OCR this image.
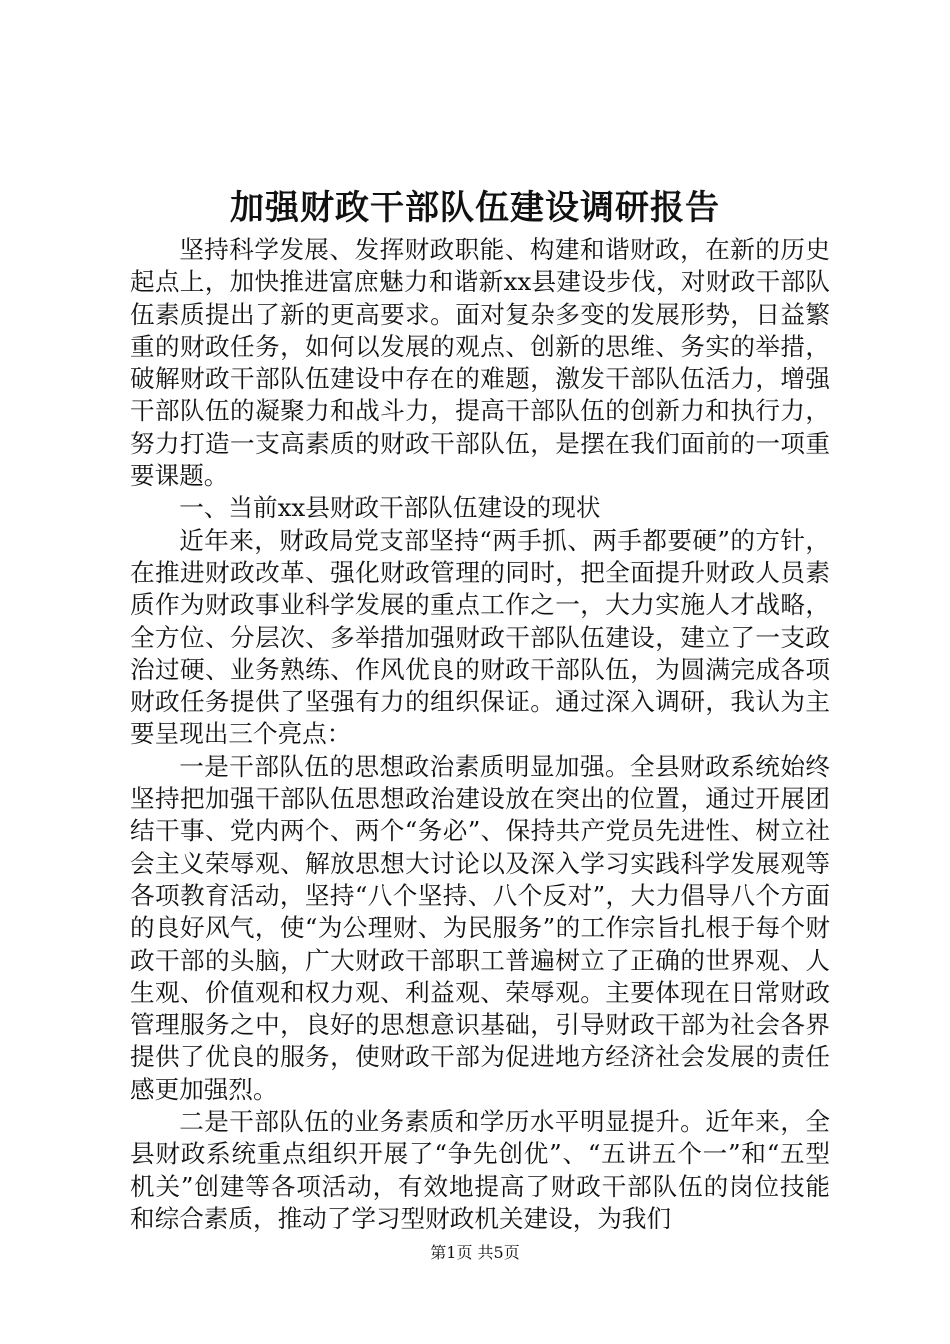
加强财政干部队伍建设调研报告

坚持科学发展、发挥财政职能、构建和谐财政，在新的历史起点上，加快推进富庶魅力和谐新xx县建设步伐，对财政干部队伍素质提出了新的更高要求。面对复杂多变的发展形势，日益繁重的财政任务，如何以发展的观点、创新的思维、务实的举措，破解财政干部队伍建设中存在的难题，激发干部队伍活力，增强干部队伍的凝聚力和战斗力，提高干部队伍的创新力和执行力，努力打造一支高素质的财政干部队伍，是摆在我们面前的一项重要课题。

一、当前xx县财政干部队伍建设的现状

近年来，财政局党支部坚持“两手抓、两手都要硬”的方针，在推进财政改革、强化财政管理的同时，把全面提升财政人员素质作为财政事业科学发展的重点工作之一，大力实施人才战略，全方位、分层次、多举措加强财政干部队伍建设，建立了一支政治过硬、业务熟练、作风优良的财政干部队伍，为圆满完成各项财政任务提供了坚强有力的组织保证。通过深入调研，我认为主要呈现出三个亮点：

一是干部队伍的思想政治素质明显加强。全县财政系统始终坚持把加强干部队伍思想政治建设放在突出的位置，通过开展团结干事、党内两个、两个“务必”、保持共产党员先进性、树立社会主义荣辱观、解放思想大讨论以及深入学习实践科学发展观等各项教育活动，坚持“八个坚持、八个反对”，大力倡导八个方面的良好风气，使“为公理财、为民服务”的工作宗旨扎根于每个财政干部的头脑，广大财政干部职工普遍树立了正确的世界观、人生观、价值观和权力观、利益观、荣辱观。主要体现在日常财政管理服务之中，良好的思想意识基础，引导财政干部为社会各界提供了优良的服务，使财政干部为促进地方经济社会发展的责任感更加强烈。

二是干部队伍的业务素质和学历水平明显提升。近年来，全县财政系统重点组织开展了“争先创优”、“五讲五个一”和“五型机关”创建等各项活动，有效地提高了财政干部队伍的岗位技能和综合素质，推动了学习型财政机关建设，为我们

第1页 共5页
